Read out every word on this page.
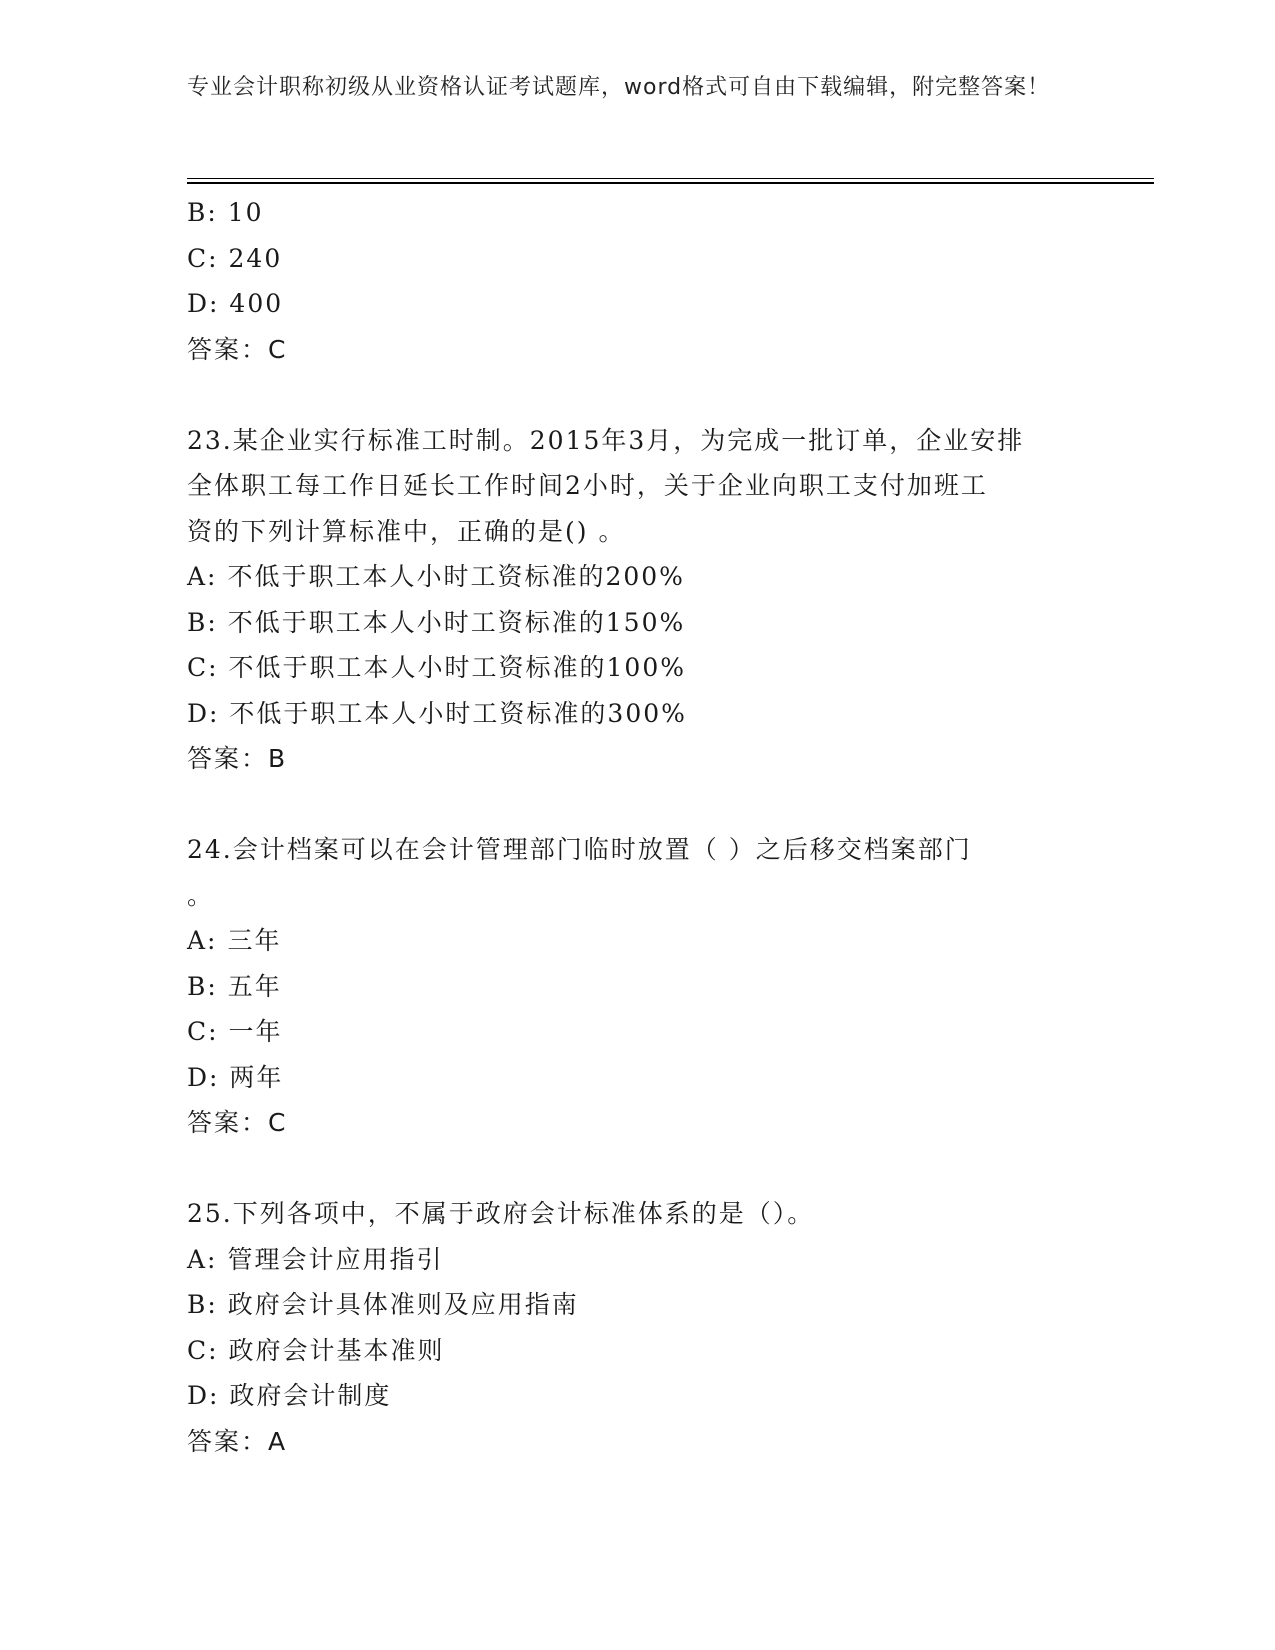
专业会计职称初级从业资格认证考试题库，word格式可自由下载编辑，附完整答案！
B: 10
C: 240
D: 400
答案：C
23.某企业实行标准工时制。2015年3月，为完成一批订单，企业安排
全体职工每工作日延长工作时间2小时，关于企业向职工支付加班工
资的下列计算标准中，正确的是() 。
A: 不低于职工本人小时工资标准的200%
B: 不低于职工本人小时工资标准的150%
C: 不低于职工本人小时工资标准的100%
D: 不低于职工本人小时工资标准的300%
答案：B
24.会计档案可以在会计管理部门临时放置（ ）之后移交档案部门
。
A: 三年
B: 五年
C: 一年
D: 两年
答案：C
25.下列各项中，不属于政府会计标准体系的是（）。
A: 管理会计应用指引
B: 政府会计具体准则及应用指南
C: 政府会计基本准则
D: 政府会计制度
答案：A
